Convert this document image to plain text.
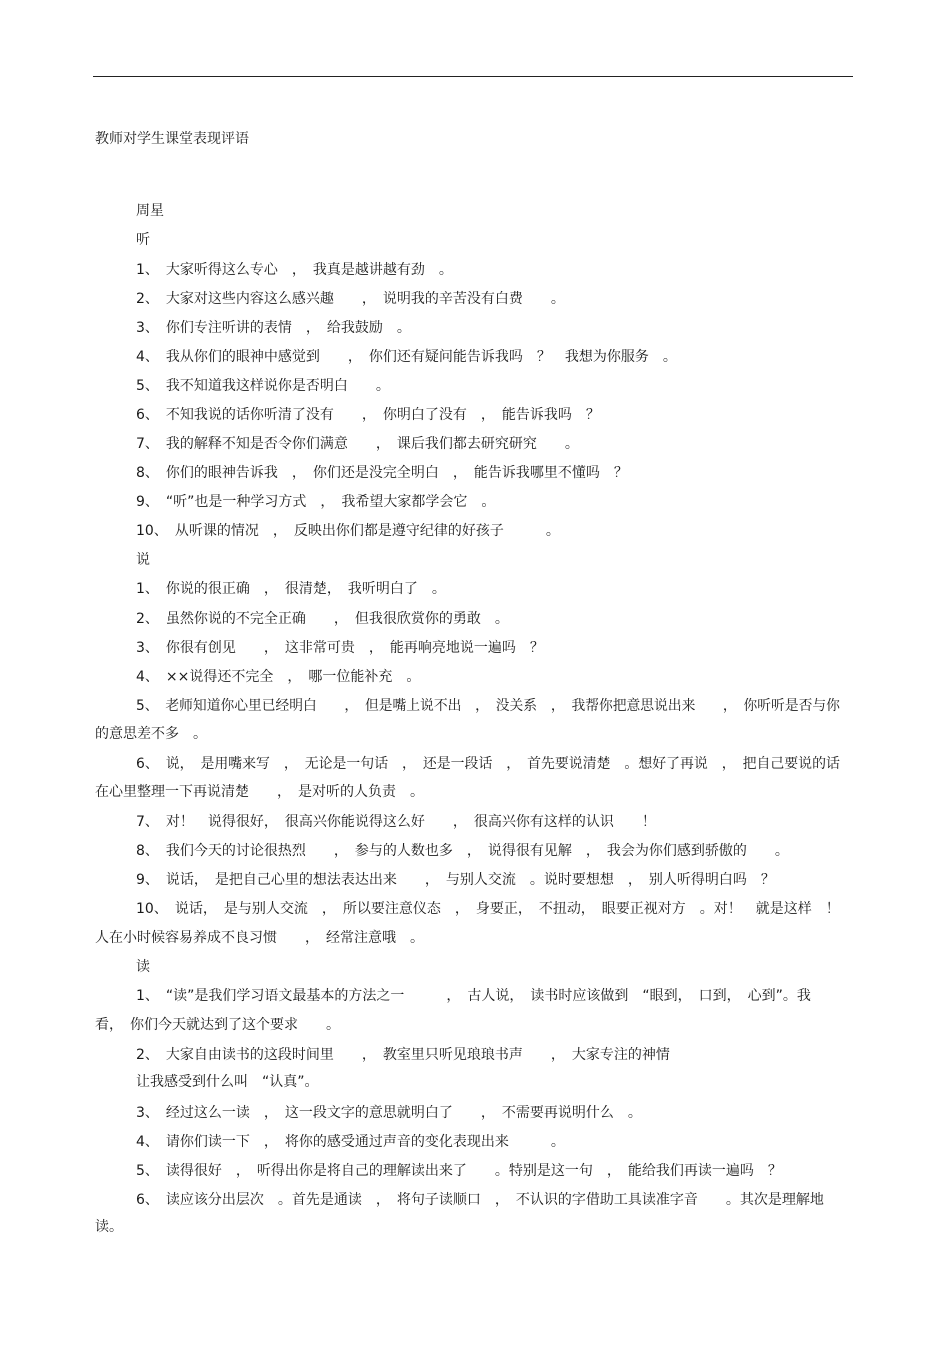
教师对学生课堂表现评语
周星
听
1、　大家听得这么专心　，　我真是越讲越有劲　。
2、　大家对这些内容这么感兴趣　　，　说明我的辛苦没有白费　　。
3、　你们专注听讲的表情　，　给我鼓励　。
4、　我从你们的眼神中感觉到　　，　你们还有疑问能告诉我吗　？　我想为你服务　。
5、　我不知道我这样说你是否明白　　。
6、　不知我说的话你听清了没有　　，　你明白了没有　，　能告诉我吗　？
7、　我的解释不知是否令你们满意　　，　课后我们都去研究研究　　。
8、　你们的眼神告诉我　，　你们还是没完全明白　，　能告诉我哪里不懂吗　？
9、　“听”也是一种学习方式　，　我希望大家都学会它　。
10、　从听课的情况　，　反映出你们都是遵守纪律的好孩子　　　。
说
1、　你说的很正确　，　很清楚，　我听明白了　。
2、　虽然你说的不完全正确　　，　但我很欣赏你的勇敢　。
3、　你很有创见　　，　这非常可贵　，　能再响亮地说一遍吗　？
4、　××说得还不完全　，　哪一位能补充　。
5、　老师知道你心里已经明白　　，　但是嘴上说不出　，　没关系　，　我帮你把意思说出来　　，　你听听是否与你
的意思差不多　。
6、　说，　是用嘴来写　，　无论是一句话　，　还是一段话　，　首先要说清楚　。想好了再说　，　把自己要说的话
在心里整理一下再说清楚　　，　是对听的人负责　。
7、　对！　说得很好，　很高兴你能说得这么好　　，　很高兴你有这样的认识　　！
8、　我们今天的讨论很热烈　　，　参与的人数也多　，　说得很有见解　，　我会为你们感到骄傲的　　。
9、　说话，　是把自己心里的想法表达出来　　，　与别人交流　。说时要想想　，　别人听得明白吗　？
10、　说话，　是与别人交流　，　所以要注意仪态　，　身要正，　不扭动，　眼要正视对方　。对！　就是这样　！
人在小时候容易养成不良习惯　　，　经常注意哦　。
读
1、　“读”是我们学习语文最基本的方法之一　　　，　古人说，　读书时应该做到　“眼到，　口到，　心到”。我
看，　你们今天就达到了这个要求　　。
2、　大家自由读书的这段时间里　　，　教室里只听见琅琅书声　　，　大家专注的神情
让我感受到什么叫　“认真”。
3、　经过这么一读　，　这一段文字的意思就明白了　　，　不需要再说明什么　。
4、　请你们读一下　，　将你的感受通过声音的变化表现出来　　　。
5、　读得很好　，　听得出你是将自己的理解读出来了　　。特别是这一句　，　能给我们再读一遍吗　？
6、　读应该分出层次　。首先是通读　，　将句子读顺口　，　不认识的字借助工具读准字音　　。其次是理解地
读。
